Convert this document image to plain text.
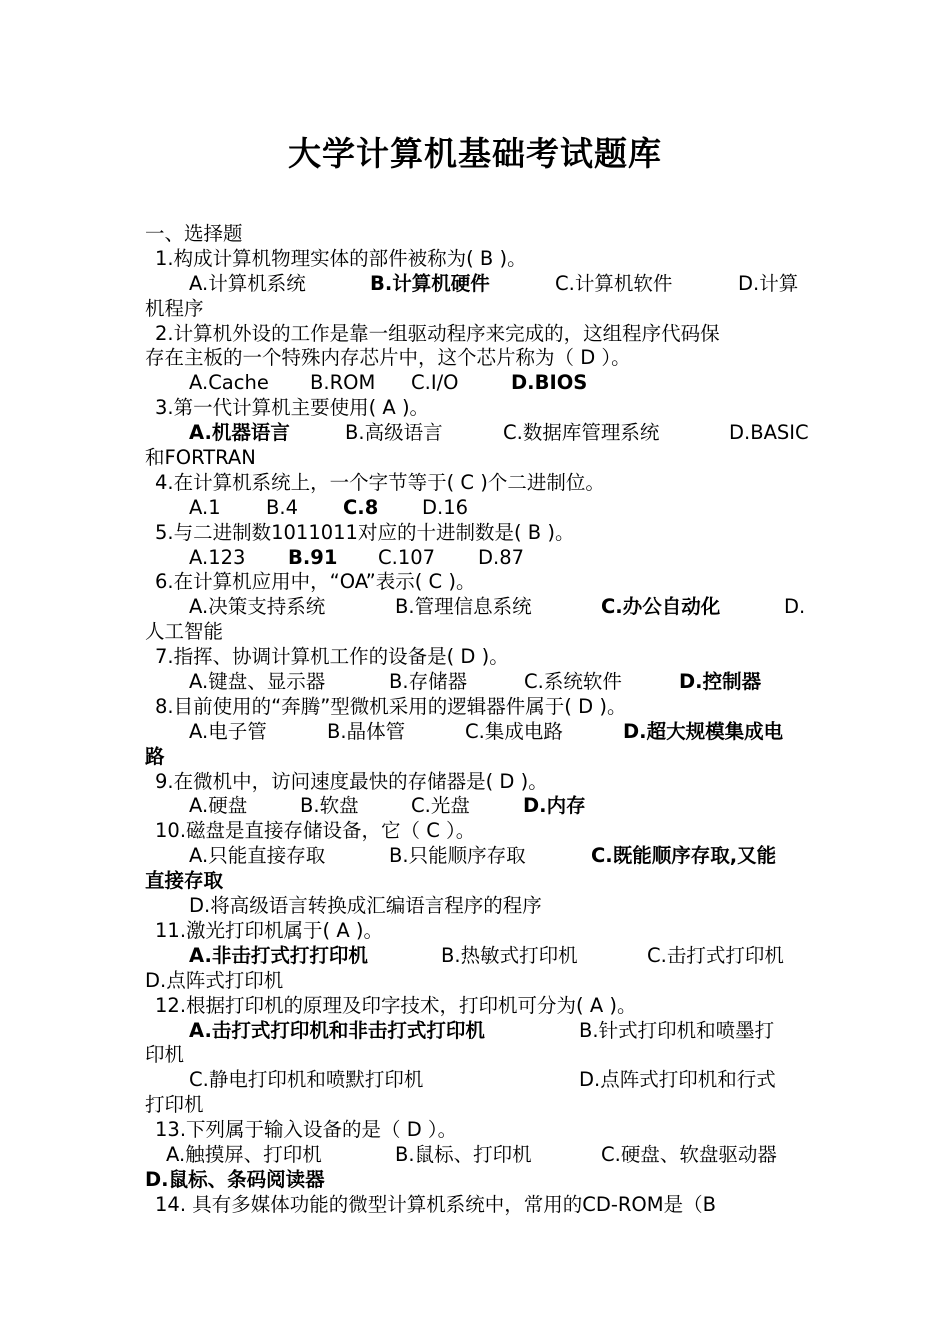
大学计算机基础考试题库
一、选择题
1.构成计算机物理实体的部件被称为( B )。
A.计算机系统	B.计算机硬件	C.计算机软件	D.计算
机程序
2.计算机外设的工作是靠一组驱动程序来完成的，这组程序代码保
存在主板的一个特殊内存芯片中，这个芯片称为（ D ）。
A.Cache B.ROM C.I/O	D.BIOS
3.第一代计算机主要使用( A )。
A.机器语言	B.高级语言	C.数据库管理系统	D.BASIC
和FORTRAN
4.在计算机系统上，一个字节等于( C )个二进制位。
A.1 B.4 C.8 D.16
5.与二进制数1011011对应的十进制数是( B )。
A.123 B.91 C.107 D.87
6.在计算机应用中，“OA”表示( C )。
A.决策支持系统	B.管理信息系统	C.办公自动化	D.
人工智能
7.指挥、协调计算机工作的设备是( D )。
A.键盘、显示器	B.存储器	C.系统软件	D.控制器
8.目前使用的“奔腾”型微机采用的逻辑器件属于( D )。
A.电子管	B.晶体管	C.集成电路	D.超大规模集成电
路
9.在微机中，访问速度最快的存储器是( D )。
A.硬盘	B.软盘	C.光盘	D.内存
10.磁盘是直接存储设备，它（ C ）。
A.只能直接存取	B.只能顺序存取	C.既能顺序存取,又能
直接存取
D.将高级语言转换成汇编语言程序的程序
11.激光打印机属于( A )。
A.非击打式打打印机	B.热敏式打印机	C.击打式打印机
D.点阵式打印机
12.根据打印机的原理及印字技术，打印机可分为( A )。
A.击打式打印机和非击打式打印机	B.针式打印机和喷墨打
印机
C.静电打印机和喷默打印机	D.点阵式打印机和行式
打印机
13.下列属于输入设备的是（ D ）。
A.触摸屏、打印机	B.鼠标、打印机	C.硬盘、软盘驱动器
D.鼠标、条码阅读器
14. 具有多媒体功能的微型计算机系统中，常用的CD-ROM是（B
